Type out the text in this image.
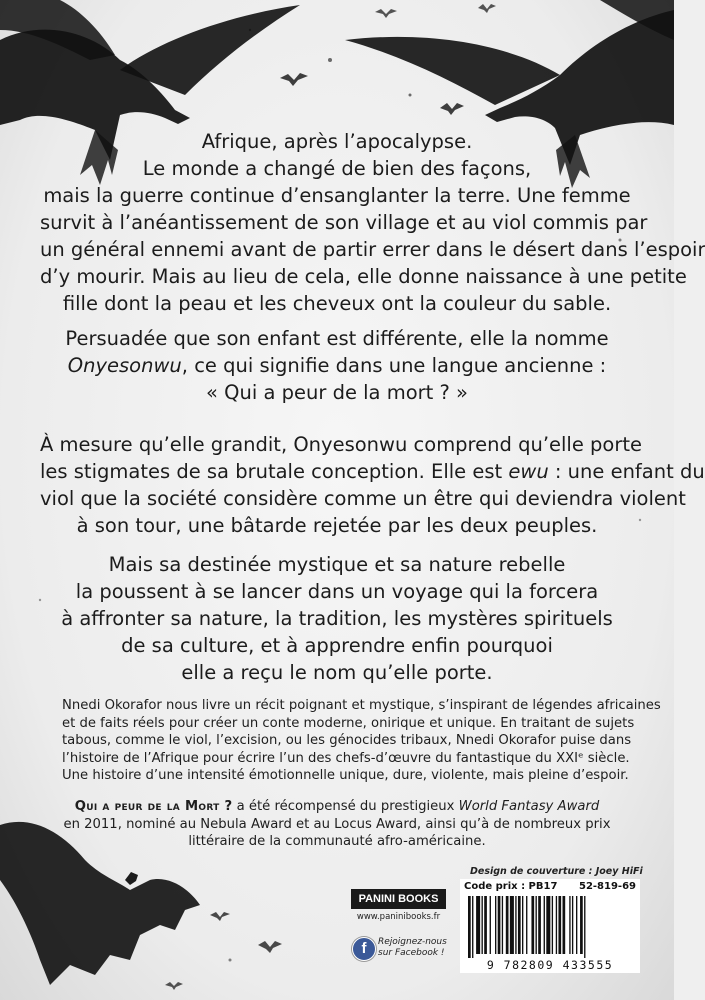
Afrique, après l’apocalypse.
Le monde a changé de bien des façons,
mais la guerre continue d’ensanglanter la terre. Une femme
survit à l’anéantissement de son village et au viol commis par
un général ennemi avant de partir errer dans le désert dans l’espoir
d’y mourir. Mais au lieu de cela, elle donne naissance à une petite
fille dont la peau et les cheveux ont la couleur du sable.

Persuadée que son enfant est différente, elle la nomme
Onyesonwu, ce qui signifie dans une langue ancienne :
« Qui a peur de la mort ? »

À mesure qu’elle grandit, Onyesonwu comprend qu’elle porte
les stigmates de sa brutale conception. Elle est ewu : une enfant du
viol que la société considère comme un être qui deviendra violent
à son tour, une bâtarde rejetée par les deux peuples.

Mais sa destinée mystique et sa nature rebelle
la poussent à se lancer dans un voyage qui la forcera
à affronter sa nature, la tradition, les mystères spirituels
de sa culture, et à apprendre enfin pourquoi
elle a reçu le nom qu’elle porte.

Nnedi Okorafor nous livre un récit poignant et mystique, s’inspirant de légendes africaines
et de faits réels pour créer un conte moderne, onirique et unique. En traitant de sujets
tabous, comme le viol, l’excision, ou les génocides tribaux, Nnedi Okorafor puise dans
l’histoire de l’Afrique pour écrire l’un des chefs-d’œuvre du fantastique du XXIᵉ siècle.
Une histoire d’une intensité émotionnelle unique, dure, violente, mais pleine d’espoir.

Qui a peur de la Mort ? a été récompensé du prestigieux World Fantasy Award
en 2011, nominé au Nebula Award et au Locus Award, ainsi qu’à de nombreux prix
littéraire de la communauté afro-américaine.

Design de couverture : Joey HiFi
Code prix : PB17 52-819-69
9 782809 433555
PANINI BOOKS
www.paninibooks.fr
f	Rejoignez-nous
sur Facebook !
